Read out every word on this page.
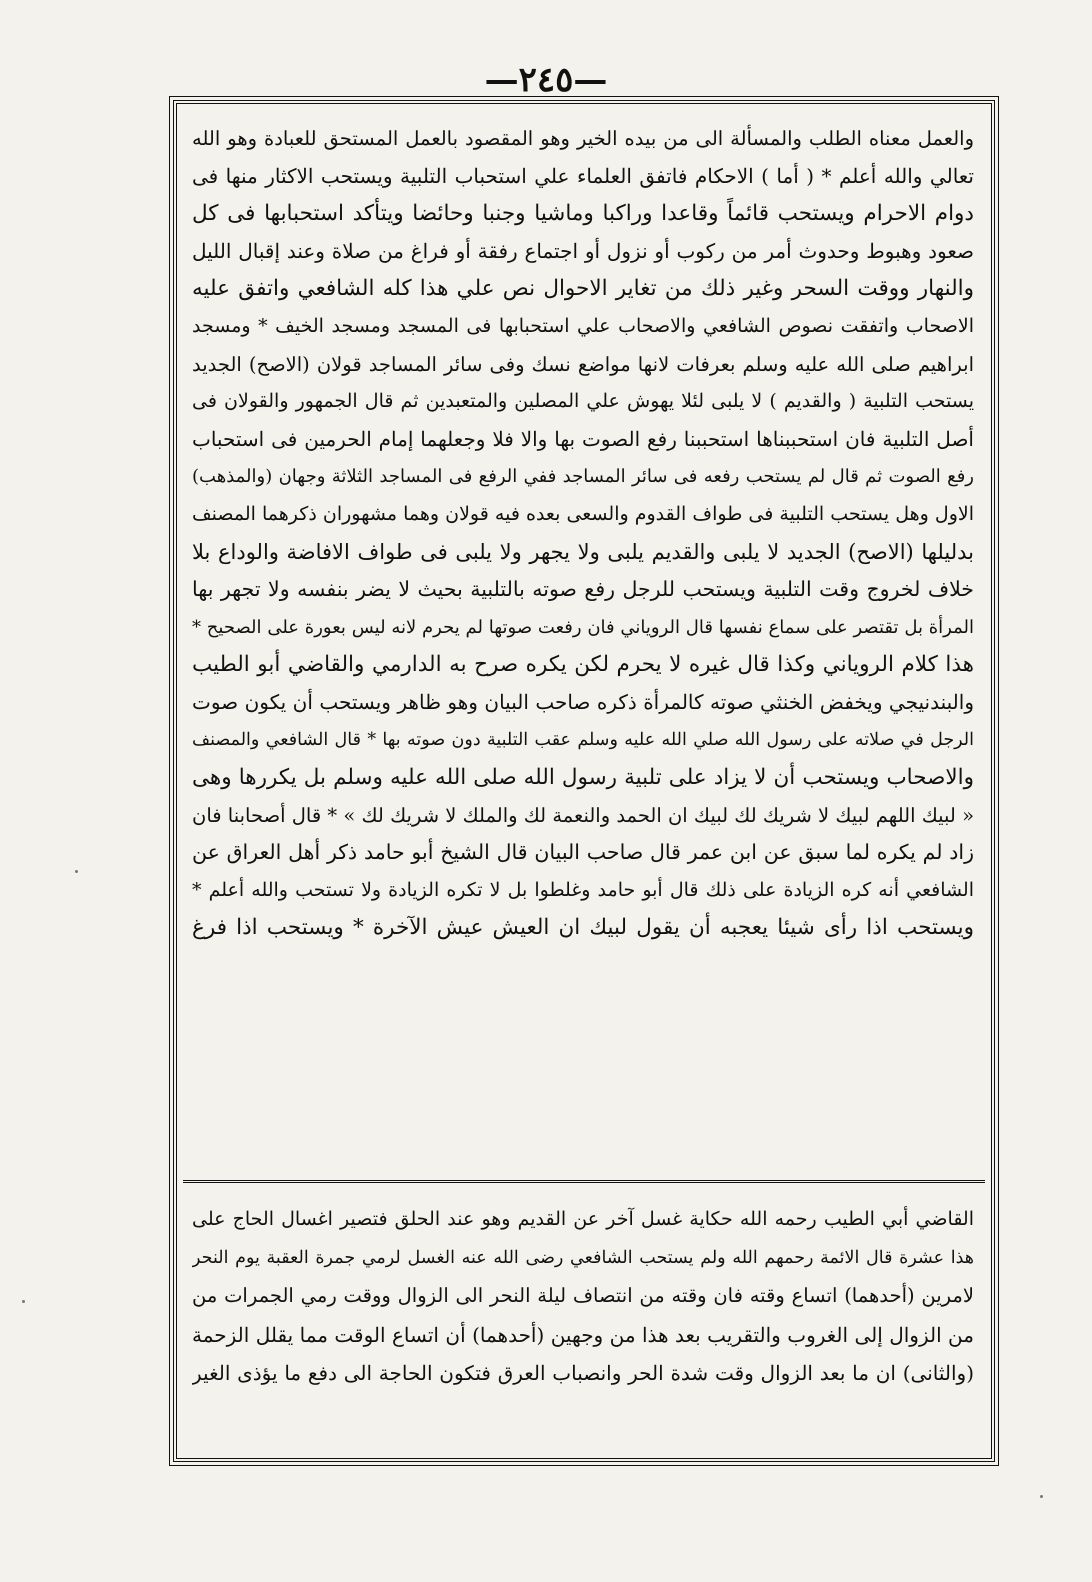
—٢٤٥—
والعمل معناه الطلب والمسألة الى من بيده الخير وهو المقصود بالعمل المستحق للعبادة وهو الله
تعالي والله أعلم * ( أما ) الاحكام فاتفق العلماء علي استحباب التلبية ويستحب الاكثار منها فى
دوام الاحرام ويستحب قائماً وقاعدا وراكبا وماشيا وجنبا وحائضا ويتأكد استحبابها فى كل
صعود وهبوط وحدوث أمر من ركوب أو نزول أو اجتماع رفقة أو فراغ من صلاة وعند إقبال الليل
والنهار ووقت السحر وغير ذلك من تغاير الاحوال نص علي هذا كله الشافعي واتفق عليه
الاصحاب واتفقت نصوص الشافعي والاصحاب علي استحبابها فى المسجد ومسجد الخيف * ومسجد
ابراهيم صلى الله عليه وسلم بعرفات لانها مواضع نسك وفى سائر المساجد قولان (الاصح) الجديد
يستحب التلبية ( والقديم ) لا يلبى لئلا يهوش علي المصلين والمتعبدين ثم قال الجمهور والقولان فى
أصل التلبية فان استحببناها استحببنا رفع الصوت بها والا فلا وجعلهما إمام الحرمين فى استحباب
رفع الصوت ثم قال لم يستحب رفعه فى سائر المساجد ففي الرفع فى المساجد الثلاثة وجهان (والمذهب)
الاول وهل يستحب التلبية فى طواف القدوم والسعى بعده فيه قولان وهما مشهوران ذكرهما المصنف
بدليلها (الاصح) الجديد لا يلبى والقديم يلبى ولا يجهر ولا يلبى فى طواف الافاضة والوداع بلا
خلاف لخروج وقت التلبية ويستحب للرجل رفع صوته بالتلبية بحيث لا يضر بنفسه ولا تجهر بها
المرأة بل تقتصر على سماع نفسها قال الروياني فان رفعت صوتها لم يحرم لانه ليس بعورة على الصحيح *
هذا كلام الروياني وكذا قال غيره لا يحرم لكن يكره صرح به الدارمي والقاضي أبو الطيب
والبندنيجي ويخفض الخنثي صوته كالمرأة ذكره صاحب البيان وهو ظاهر ويستحب أن يكون صوت
الرجل في صلاته على رسول الله صلي الله عليه وسلم عقب التلبية دون صوته بها * قال الشافعي والمصنف
والاصحاب ويستحب أن لا يزاد على تلبية رسول الله صلى الله عليه وسلم بل يكررها وهى
« لبيك اللهم لبيك لا شريك لك لبيك ان الحمد والنعمة لك والملك لا شريك لك » * قال أصحابنا فان
زاد لم يكره لما سبق عن ابن عمر قال صاحب البيان قال الشيخ أبو حامد ذكر أهل العراق عن
الشافعي أنه كره الزيادة على ذلك قال أبو حامد وغلطوا بل لا تكره الزيادة ولا تستحب والله أعلم *
ويستحب اذا رأى شيئا يعجبه أن يقول لبيك ان العيش عيش الآخرة * ويستحب اذا فرغ
القاضي أبي الطيب رحمه الله حكاية غسل آخر عن القديم وهو عند الحلق فتصير اغسال الحاج على
هذا عشرة قال الائمة رحمهم الله ولم يستحب الشافعي رضى الله عنه الغسل لرمي جمرة العقبة يوم النحر
لامرين (أحدهما) اتساع وقته فان وقته من انتصاف ليلة النحر الى الزوال ووقت رمي الجمرات من
من الزوال إلى الغروب والتقريب بعد هذا من وجهين (أحدهما) أن اتساع الوقت مما يقلل الزحمة
(والثانى) ان ما بعد الزوال وقت شدة الحر وانصباب العرق فتكون الحاجة الى دفع ما يؤذى الغير
